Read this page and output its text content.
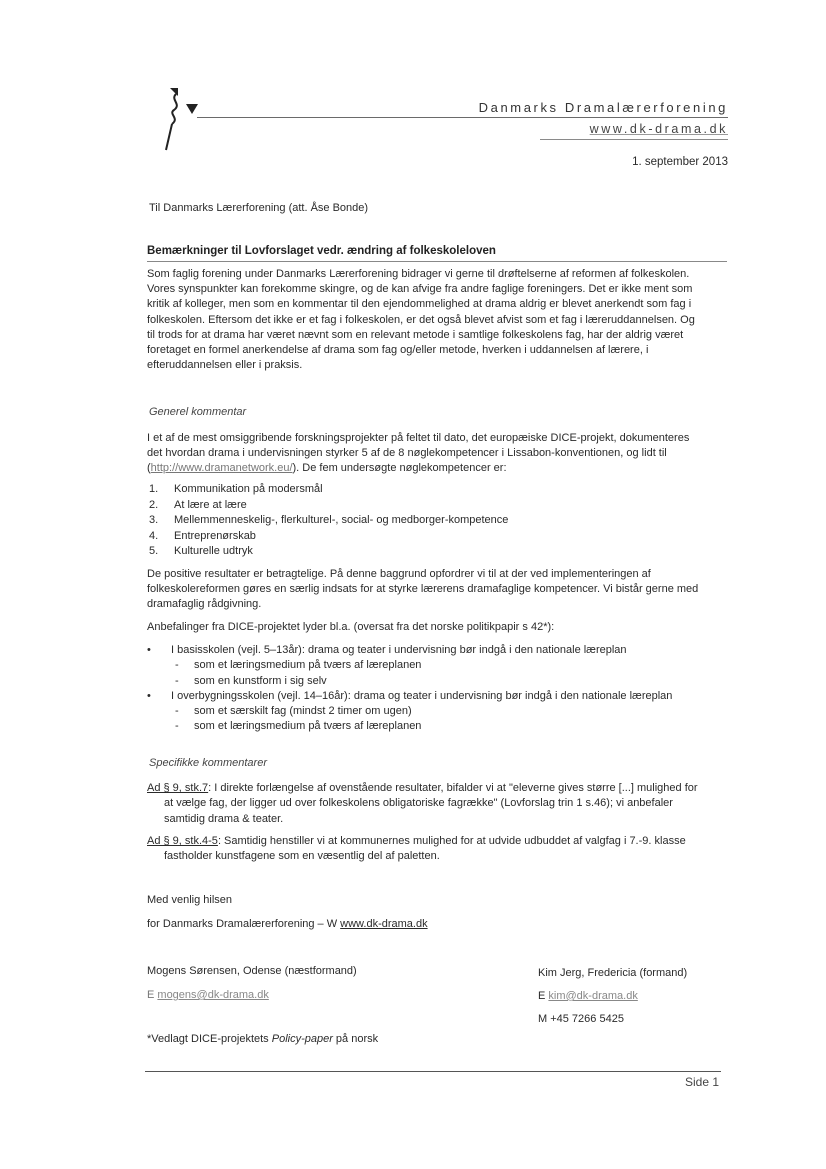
Danmarks Dramalærerforening
www.dk-drama.dk
1. september 2013
Til Danmarks Lærerforening (att. Åse Bonde)
Bemærkninger til Lovforslaget vedr. ændring af folkeskoleloven
Som faglig forening under Danmarks Lærerforening bidrager vi gerne til drøftelserne af reformen af folkeskolen.
Vores synspunkter kan forekomme skingre, og de kan afvige fra andre faglige foreningers. Det er ikke ment som
kritik af kolleger, men som en kommentar til den ejendommelighed at drama aldrig er blevet anerkendt som fag i
folkeskolen. Eftersom det ikke er et fag i folkeskolen, er det også blevet afvist som et fag i læreruddannelsen. Og
til trods for at drama har været nævnt som en relevant metode i samtlige folkeskolens fag, har der aldrig været
foretaget en formel anerkendelse af drama som fag og/eller metode, hverken i uddannelsen af lærere, i
efteruddannelsen eller i praksis.
Generel kommentar
I et af de mest omsiggribende forskningsprojekter på feltet til dato, det europæiske DICE-projekt, dokumenteres
det hvordan drama i undervisningen styrker 5 af de 8 nøglekompetencer i Lissabon-konventionen, og lidt til
(http://www.dramanetwork.eu/). De fem undersøgte nøglekompetencer er:
1. Kommunikation på modersmål
2. At lære at lære
3. Mellemmenneskelig-, flerkulturel-, social- og medborger-kompetence
4. Entreprenørskab
5. Kulturelle udtryk
De positive resultater er betragtelige. På denne baggrund opfordrer vi til at der ved implementeringen af
folkeskolereformen gøres en særlig indsats for at styrke lærerens dramafaglige kompetencer. Vi bistår gerne med
dramafaglig rådgivning.
Anbefalinger fra DICE-projektet lyder bl.a. (oversat fra det norske politikpapir s 42*):
• I basisskolen (vejl. 5–13år): drama og teater i undervisning bør indgå i den nationale læreplan
- som et læringsmedium på tværs af læreplanen
- som en kunstform i sig selv
• I overbygningsskolen (vejl. 14–16år): drama og teater i undervisning bør indgå i den nationale læreplan
- som et særskilt fag (mindst 2 timer om ugen)
- som et læringsmedium på tværs af læreplanen
Specifikke kommentarer
Ad § 9, stk.7: I direkte forlængelse af ovenstående resultater, bifalder vi at "eleverne gives større [...] mulighed for
at vælge fag, der ligger ud over folkeskolens obligatoriske fagrække" (Lovforslag trin 1 s.46); vi anbefaler
samtidig drama & teater.
Ad § 9, stk.4-5: Samtidig henstiller vi at kommunernes mulighed for at udvide udbuddet af valgfag i 7.-9. klasse
fastholder kunstfagene som en væsentlig del af paletten.
Med venlig hilsen
for Danmarks Dramalærerforening – W www.dk-drama.dk
Mogens Sørensen, Odense (næstformand)
E mogens@dk-drama.dk
Kim Jerg, Fredericia (formand)
E kim@dk-drama.dk
M +45 7266 5425
*Vedlagt DICE-projektets Policy-paper på norsk
Side 1
